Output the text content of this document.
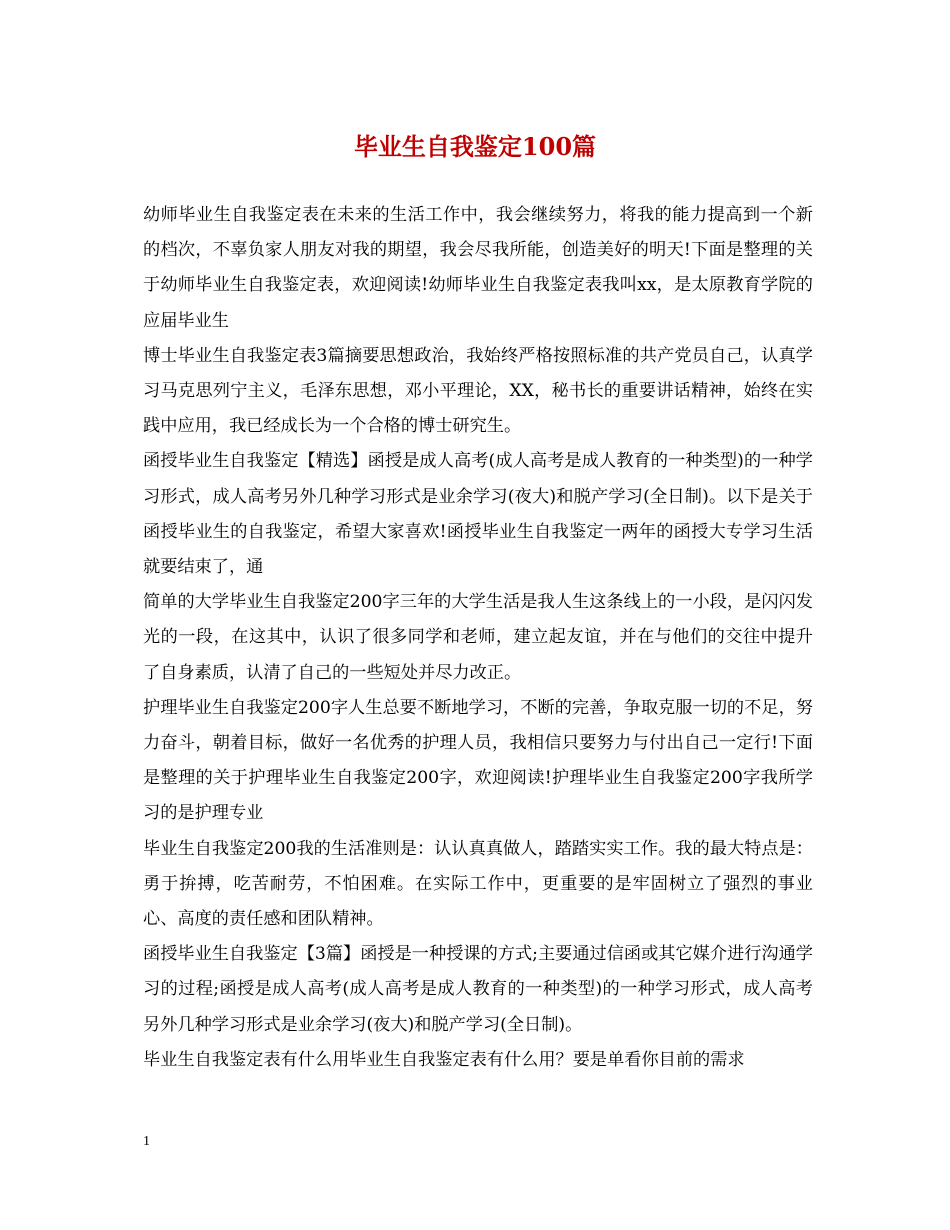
毕业生自我鉴定100篇

幼师毕业生自我鉴定表在未来的生活工作中，我会继续努力，将我的能力提高到一个新的档次，不辜负家人朋友对我的期望，我会尽我所能，创造美好的明天!下面是整理的关于幼师毕业生自我鉴定表，欢迎阅读!幼师毕业生自我鉴定表我叫xx，是太原教育学院的应届毕业生

博士毕业生自我鉴定表3篇摘要思想政治，我始终严格按照标准的共产党员自己，认真学习马克思列宁主义，毛泽东思想，邓小平理论，XX，秘书长的重要讲话精神，始终在实践中应用，我已经成长为一个合格的博士研究生。

函授毕业生自我鉴定【精选】函授是成人高考(成人高考是成人教育的一种类型)的一种学习形式，成人高考另外几种学习形式是业余学习(夜大)和脱产学习(全日制)。以下是关于函授毕业生的自我鉴定，希望大家喜欢!函授毕业生自我鉴定一两年的函授大专学习生活就要结束了，通

简单的大学毕业生自我鉴定200字三年的大学生活是我人生这条线上的一小段，是闪闪发光的一段，在这其中，认识了很多同学和老师，建立起友谊，并在与他们的交往中提升了自身素质，认清了自己的一些短处并尽力改正。

护理毕业生自我鉴定200字人生总要不断地学习，不断的完善，争取克服一切的不足，努力奋斗，朝着目标，做好一名优秀的护理人员，我相信只要努力与付出自己一定行!下面是整理的关于护理毕业生自我鉴定200字，欢迎阅读!护理毕业生自我鉴定200字我所学习的是护理专业

毕业生自我鉴定200我的生活准则是：认认真真做人，踏踏实实工作。我的最大特点是：勇于拚搏，吃苦耐劳，不怕困难。在实际工作中，更重要的是牢固树立了强烈的事业心、高度的责任感和团队精神。

函授毕业生自我鉴定【3篇】函授是一种授课的方式;主要通过信函或其它媒介进行沟通学习的过程;函授是成人高考(成人高考是成人教育的一种类型)的一种学习形式，成人高考另外几种学习形式是业余学习(夜大)和脱产学习(全日制)。

毕业生自我鉴定表有什么用毕业生自我鉴定表有什么用？要是单看你目前的需求

1
